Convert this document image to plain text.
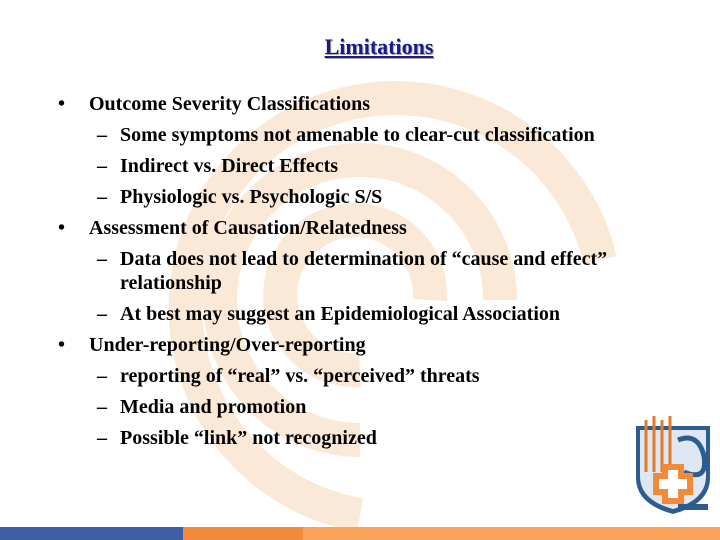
Limitations
• Outcome Severity Classifications
– Some symptoms not amenable to clear-cut classification
– Indirect vs. Direct Effects
– Physiologic vs. Psychologic S/S
• Assessment of Causation/Relatedness
– Data does not lead to determination of “cause and effect” relationship
– At best may suggest an Epidemiological Association
• Under-reporting/Over-reporting
– reporting of “real” vs. “perceived” threats
– Media and promotion
– Possible “link” not recognized
